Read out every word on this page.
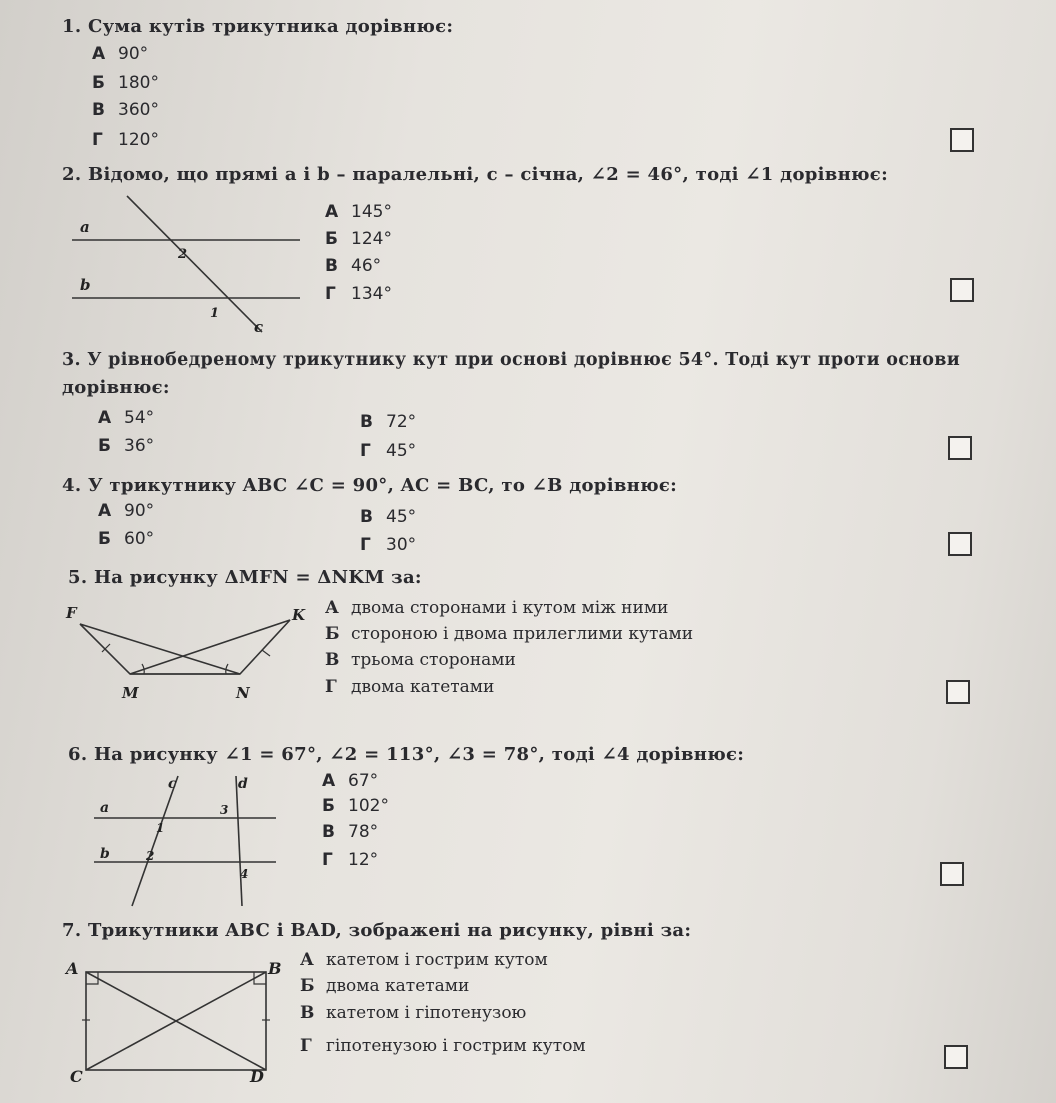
1. Сума кутів трикутника дорівнює:
А 90°
Б 180°
В 360°
Г 120°
2. Відомо, що прямі a і b – паралельні, c – січна, ∠2 = 46°, тоді ∠1 дорівнює:
a
b
c
2
1
А 145°
Б 124°
В 46°
Г 134°
3. У рівнобедреному трикутнику кут при основі дорівнює 54°. Тоді кут проти основи
дорівнює:
А 54°
Б 36°
В 72°
Г 45°
4. У трикутнику ABC ∠C = 90°, AC = BC, то ∠B дорівнює:
А 90°
Б 60°
В 45°
Г 30°
5. На рисунку ΔMFN = ΔNKM за:
F	K
M	N
А двома сторонами і кутом між ними
Б стороною і двома прилеглими кутами
В трьома сторонами
Г двома катетами
6. На рисунку ∠1 = 67°, ∠2 = 113°, ∠3 = 78°, тоді ∠4 дорівнює:
c	d
a
b
1
2
3
4
А 67°
Б 102°
В 78°
Г 12°
7. Трикутники ABC і BAD, зображені на рисунку, рівні за:
A	B
C	D
А катетом і гострим кутом
Б двома катетами
В катетом і гіпотенузою
Г гіпотенузою і гострим кутом
